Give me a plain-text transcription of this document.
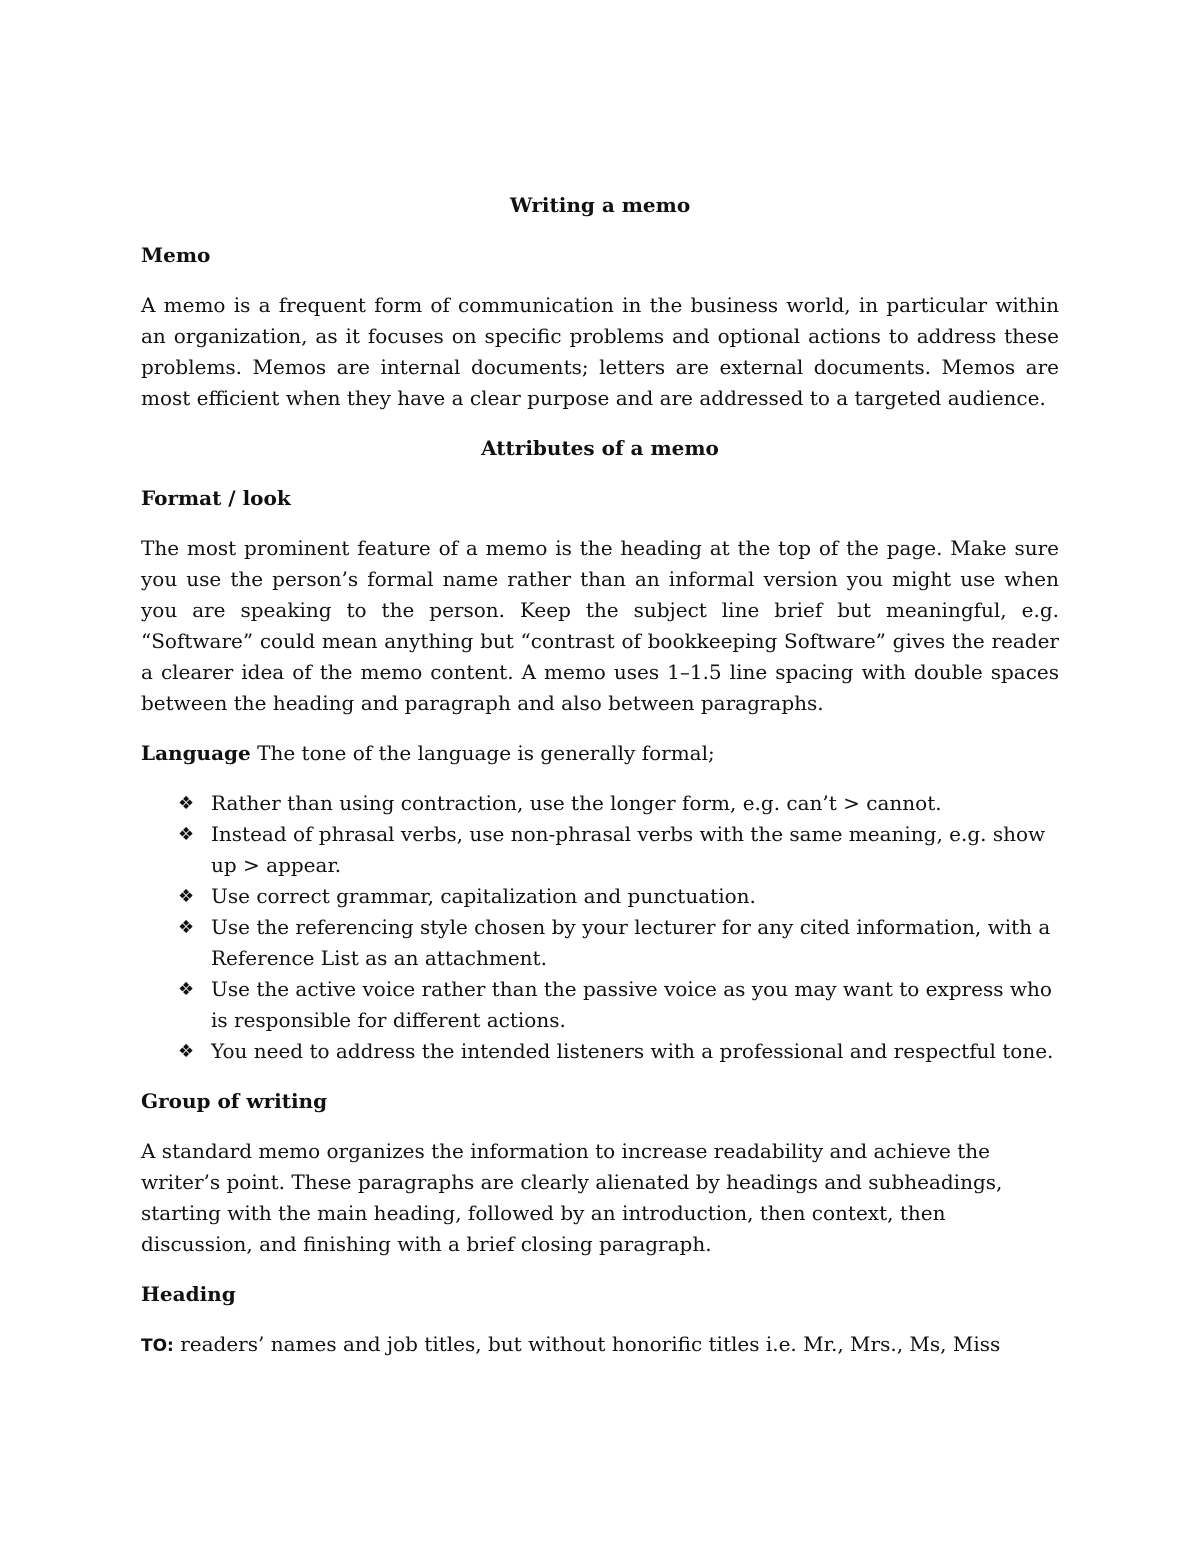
Writing a memo
Memo
A memo is a frequent form of communication in the business world, in particular within an organization, as it focuses on specific problems and optional actions to address these problems. Memos are internal documents; letters are external documents. Memos are most efficient when they have a clear purpose and are addressed to a targeted audience.
Attributes of a memo
Format / look
The most prominent feature of a memo is the heading at the top of the page. Make sure you use the person’s formal name rather than an informal version you might use when you are speaking to the person. Keep the subject line brief but meaningful, e.g. “Software” could mean anything but “contrast of bookkeeping Software” gives the reader a clearer idea of the memo content. A memo uses 1–1.5 line spacing with double spaces between the heading and paragraph and also between paragraphs.
Language The tone of the language is generally formal;
❖ Rather than using contraction, use the longer form, e.g. can’t > cannot.
❖ Instead of phrasal verbs, use non-phrasal verbs with the same meaning, e.g. show up > appear.
❖ Use correct grammar, capitalization and punctuation.
❖ Use the referencing style chosen by your lecturer for any cited information, with a Reference List as an attachment.
❖ Use the active voice rather than the passive voice as you may want to express who is responsible for different actions.
❖ You need to address the intended listeners with a professional and respectful tone.
Group of writing
A standard memo organizes the information to increase readability and achieve the writer’s point. These paragraphs are clearly alienated by headings and subheadings, starting with the main heading, followed by an introduction, then context, then discussion, and finishing with a brief closing paragraph.
Heading
TO: readers’ names and job titles, but without honorific titles i.e. Mr., Mrs., Ms, Miss
